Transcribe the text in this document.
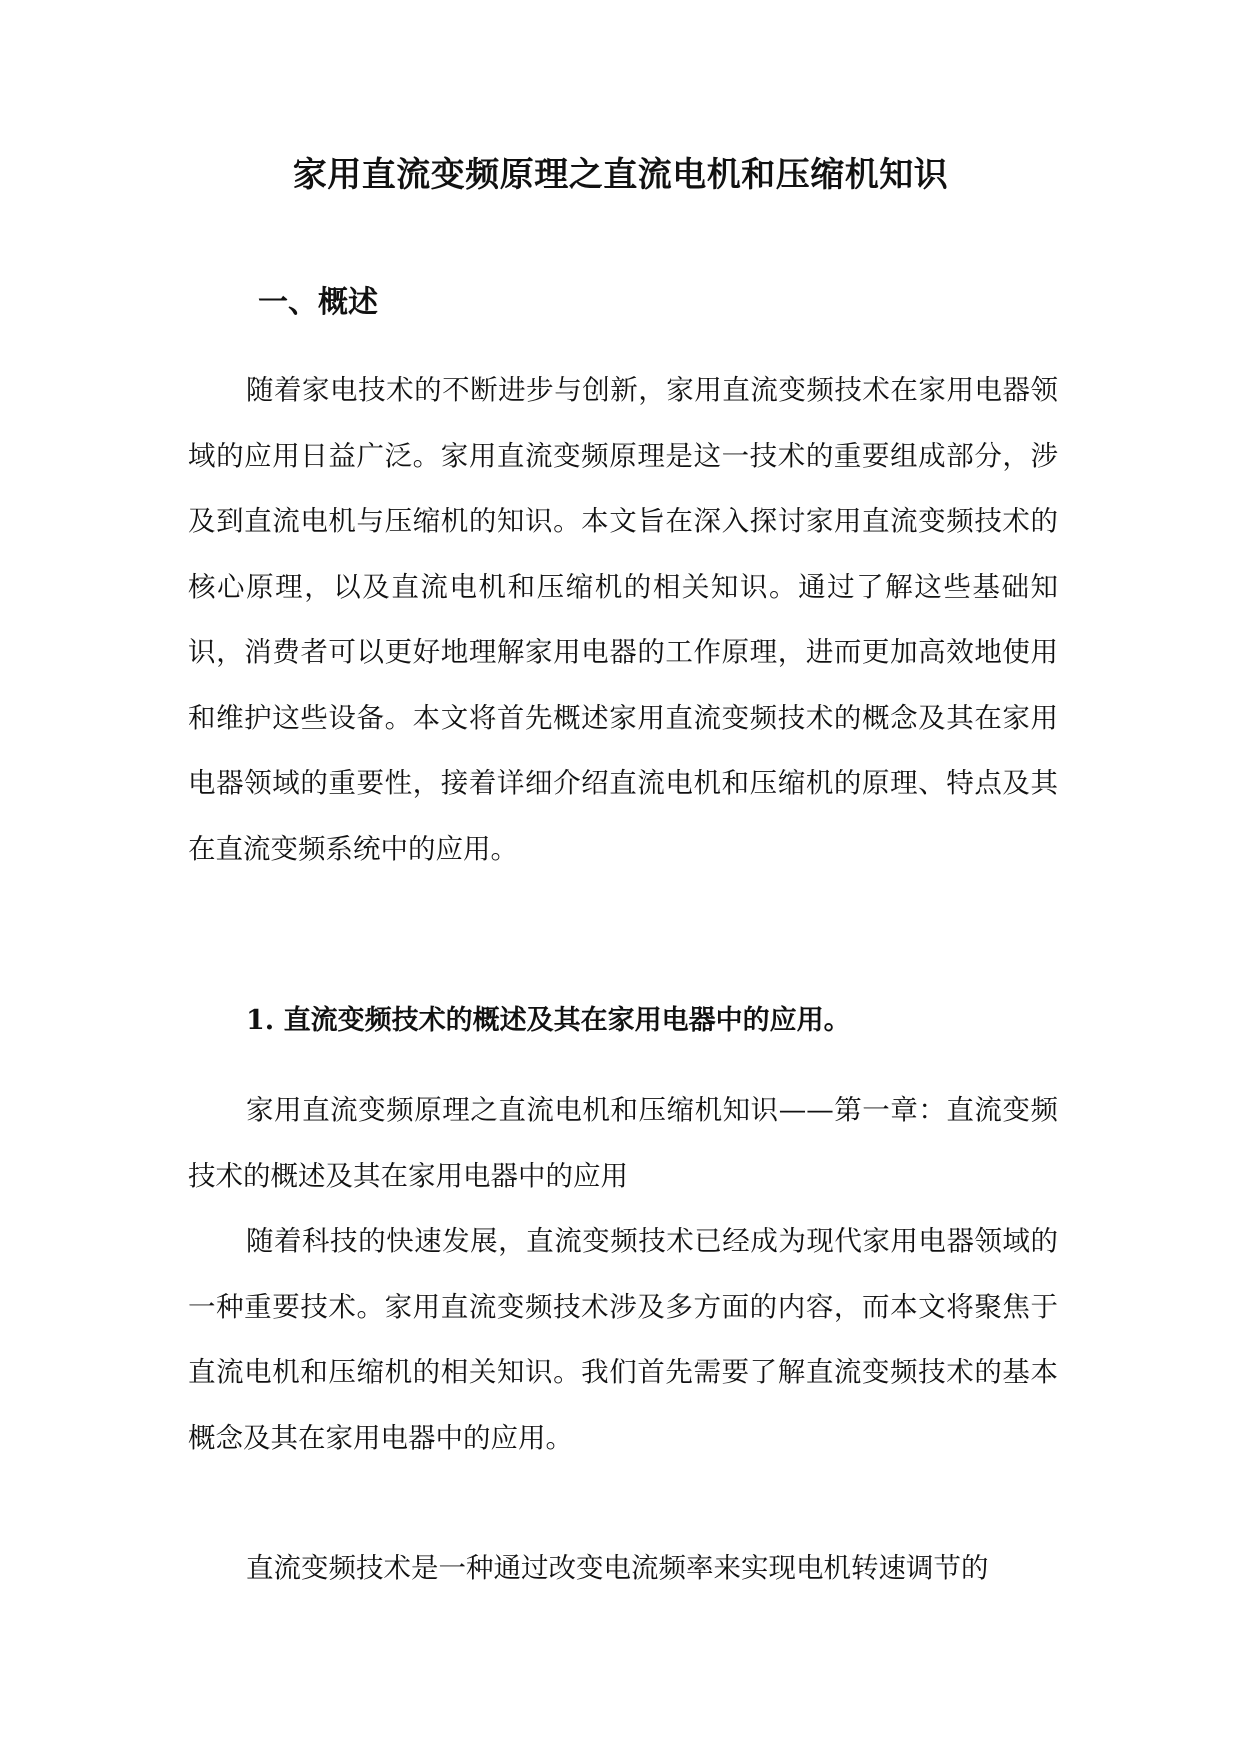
家用直流变频原理之直流电机和压缩机知识
一、概述

随着家电技术的不断进步与创新，家用直流变频技术在家用电器领域的应用日益广泛。家用直流变频原理是这一技术的重要组成部分，涉及到直流电机与压缩机的知识。本文旨在深入探讨家用直流变频技术的核心原理，以及直流电机和压缩机的相关知识。通过了解这些基础知识，消费者可以更好地理解家用电器的工作原理，进而更加高效地使用和维护这些设备。本文将首先概述家用直流变频技术的概念及其在家用电器领域的重要性，接着详细介绍直流电机和压缩机的原理、特点及其在直流变频系统中的应用。

1. 直流变频技术的概述及其在家用电器中的应用。

家用直流变频原理之直流电机和压缩机知识——第一章：直流变频技术的概述及其在家用电器中的应用

随着科技的快速发展，直流变频技术已经成为现代家用电器领域的一种重要技术。家用直流变频技术涉及多方面的内容，而本文将聚焦于直流电机和压缩机的相关知识。我们首先需要了解直流变频技术的基本概念及其在家用电器中的应用。

直流变频技术是一种通过改变电流频率来实现电机转速调节的
